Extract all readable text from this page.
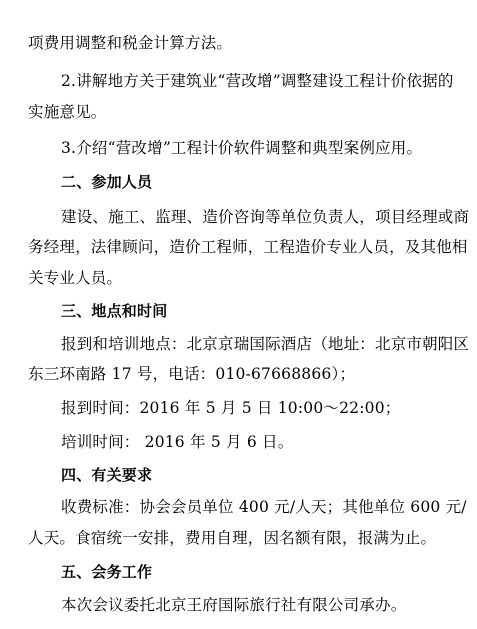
项费用调整和税金计算方法。
2.讲解地方关于建筑业“营改增”调整建设工程计价依据的
实施意见。
3.介绍“营改增”工程计价软件调整和典型案例应用。
二、参加人员
建设、施工、监理、造价咨询等单位负责人，项目经理或商
务经理，法律顾问，造价工程师，工程造价专业人员，及其他相
关专业人员。
三、地点和时间
报到和培训地点：北京京瑞国际酒店（地址：北京市朝阳区
东三环南路 17 号，电话：010-67668866）；
报到时间：2016 年 5 月 5 日 10:00～22:00；
培训时间： 2016 年 5 月 6 日。
四、有关要求
收费标准：协会会员单位 400 元/人天；其他单位 600 元/
人天。食宿统一安排，费用自理，因名额有限，报满为止。
五、会务工作
本次会议委托北京王府国际旅行社有限公司承办。
